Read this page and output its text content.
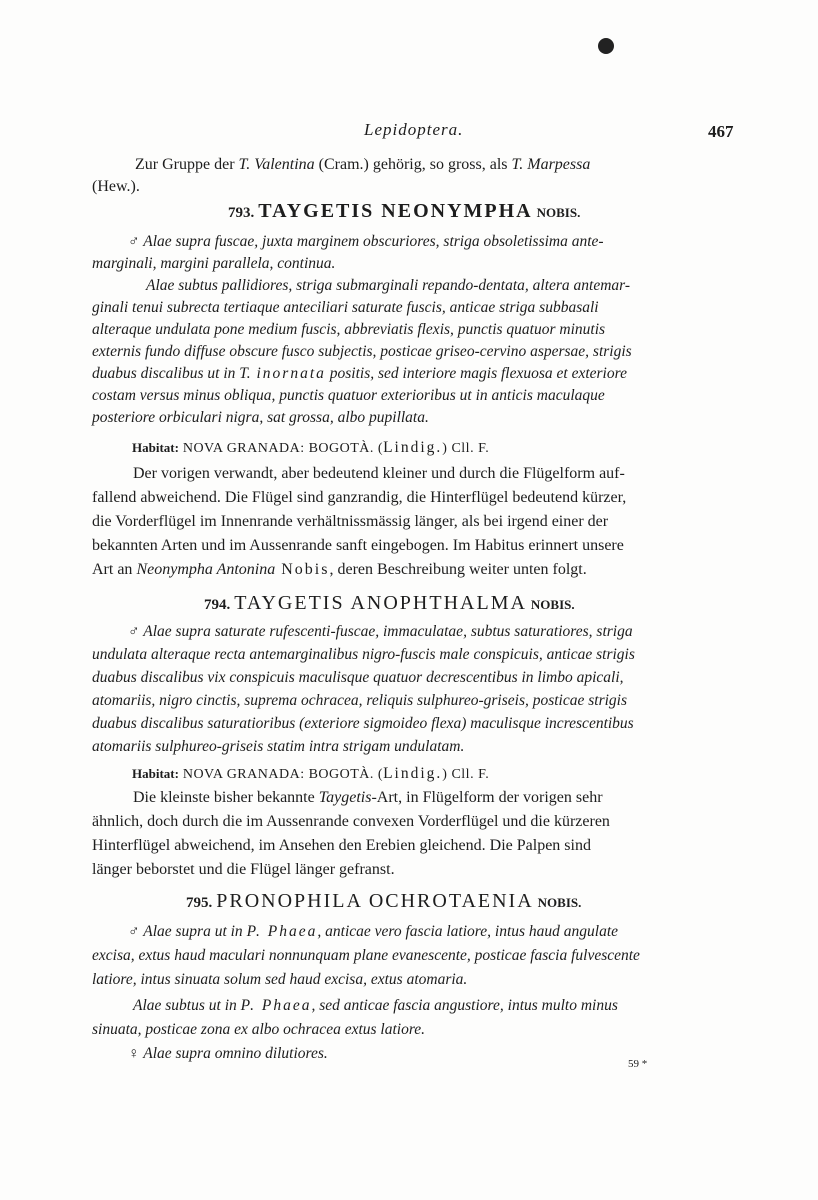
Lepidoptera.	467
Zur Gruppe der T. Valentina (Cram.) gehörig, so gross, als T. Marpessa
(Hew.).
793. TAYGETIS NEONYMPHA NOBIS.
♂ Alae supra fuscae, juxta marginem obscuriores, striga obsoletissima ante-
marginali, margini parallela, continua.
Alae subtus pallidiores, striga submarginali repando-dentata, altera antemar-
ginali tenui subrecta tertiaque anteciliari saturate fuscis, anticae striga subbasali
alteraque undulata pone medium fuscis, abbreviatis flexis, punctis quatuor minutis
externis fundo diffuse obscure fusco subjectis, posticae griseo-cervino aspersae, strigis
duabus discalibus ut in T. inornata positis, sed interiore magis flexuosa et exteriore
costam versus minus obliqua, punctis quatuor exterioribus ut in anticis maculaque
posteriore orbiculari nigra, sat grossa, albo pupillata.
Habitat: NOVA GRANADA: BOGOTÀ. (Lindig.) Cll. F.
Der vorigen verwandt, aber bedeutend kleiner und durch die Flügelform auf-
fallend abweichend. Die Flügel sind ganzrandig, die Hinterflügel bedeutend kürzer,
die Vorderflügel im Innenrande verhältnissmässig länger, als bei irgend einer der
bekannten Arten und im Aussenrande sanft eingebogen. Im Habitus erinnert unsere
Art an Neonympha Antonina Nobis, deren Beschreibung weiter unten folgt.
794. TAYGETIS ANOPHTHALMA NOBIS.
♂ Alae supra saturate rufescenti-fuscae, immaculatae, subtus saturatiores, striga
undulata alteraque recta antemarginalibus nigro-fuscis male conspicuis, anticae strigis
duabus discalibus vix conspicuis maculisque quatuor decrescentibus in limbo apicali,
atomariis, nigro cinctis, suprema ochracea, reliquis sulphureo-griseis, posticae strigis
duabus discalibus saturatioribus (exteriore sigmoideo flexa) maculisque increscentibus
atomariis sulphureo-griseis statim intra strigam undulatam.
Habitat: NOVA GRANADA: BOGOTÀ. (Lindig.) Cll. F.
Die kleinste bisher bekannte Taygetis-Art, in Flügelform der vorigen sehr
ähnlich, doch durch die im Aussenrande convexen Vorderflügel und die kürzeren
Hinterflügel abweichend, im Ansehen den Erebien gleichend. Die Palpen sind
länger beborstet und die Flügel länger gefranst.
795. PRONOPHILA OCHROTAENIA NOBIS.
♂ Alae supra ut in P. Phaea, anticae vero fascia latiore, intus haud angulate
excisa, extus haud maculari nonnunquam plane evanescente, posticae fascia fulvescente
latiore, intus sinuata solum sed haud excisa, extus atomaria.
Alae subtus ut in P. Phaea, sed anticae fascia angustiore, intus multo minus
sinuata, posticae zona ex albo ochracea extus latiore.
♀ Alae supra omnino dilutiores.
59 *
